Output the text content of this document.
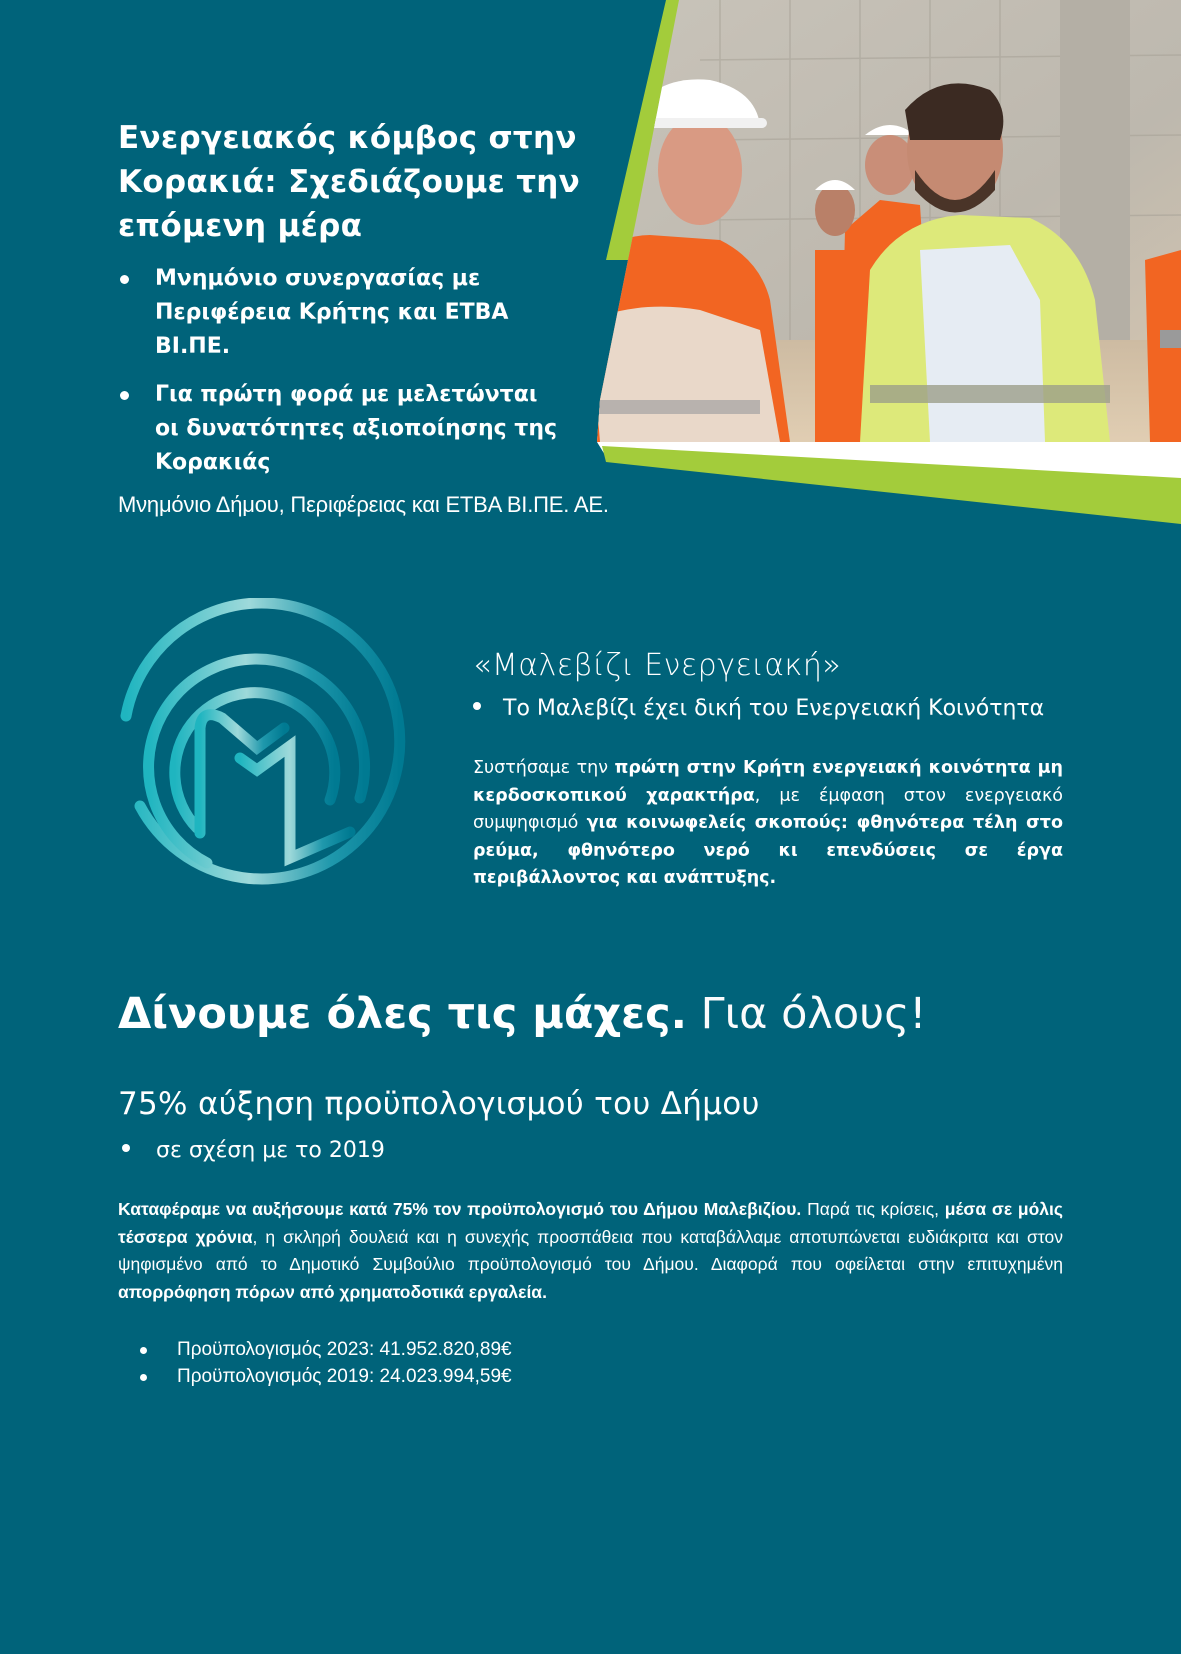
Ενεργειακός κόμβος στην Κορακιά: Σχεδιάζουμε την επόμενη μέρα
Μνημόνιο συνεργασίας με Περιφέρεια Κρήτης και ΕΤΒΑ ΒΙ.ΠΕ.
Για πρώτη φορά με μελετώνται οι δυνατότητες αξιοποίησης της Κορακιάς
Μνημόνιο Δήμου, Περιφέρειας και ΕΤΒΑ ΒΙ.ΠΕ. ΑΕ.
«Μαλεβίζι Ενεργειακή»
Το Μαλεβίζι έχει δική του Ενεργειακή Κοινότητα
Συστήσαμε την πρώτη στην Κρήτη ενεργειακή κοινότητα μη κερδοσκοπικού χαρακτήρα, με έμφαση στον ενεργειακό συμψηφισμό για κοινωφελείς σκοπούς: φθηνότερα τέλη στο ρεύμα, φθηνότερο νερό κι επενδύσεις σε έργα περιβάλλοντος και ανάπτυξης.
Δίνουμε όλες τις μάχες. Για όλους!
75% αύξηση προϋπολογισμού του Δήμου
σε σχέση με το 2019
Καταφέραμε να αυξήσουμε κατά 75% τον προϋπολογισμό του Δήμου Μαλεβιζίου. Παρά τις κρίσεις, μέσα σε μόλις τέσσερα χρόνια, η σκληρή δουλειά και η συνεχής προσπάθεια που καταβάλλαμε αποτυπώνεται ευδιάκριτα και στον ψηφισμένο από το Δημοτικό Συμβούλιο προϋπολογισμό του Δήμου. Διαφορά που οφείλεται στην επιτυχημένη απορρόφηση πόρων από χρηματοδοτικά εργαλεία.
Προϋπολογισμός 2023: 41.952.820,89€
Προϋπολογισμός 2019: 24.023.994,59€
